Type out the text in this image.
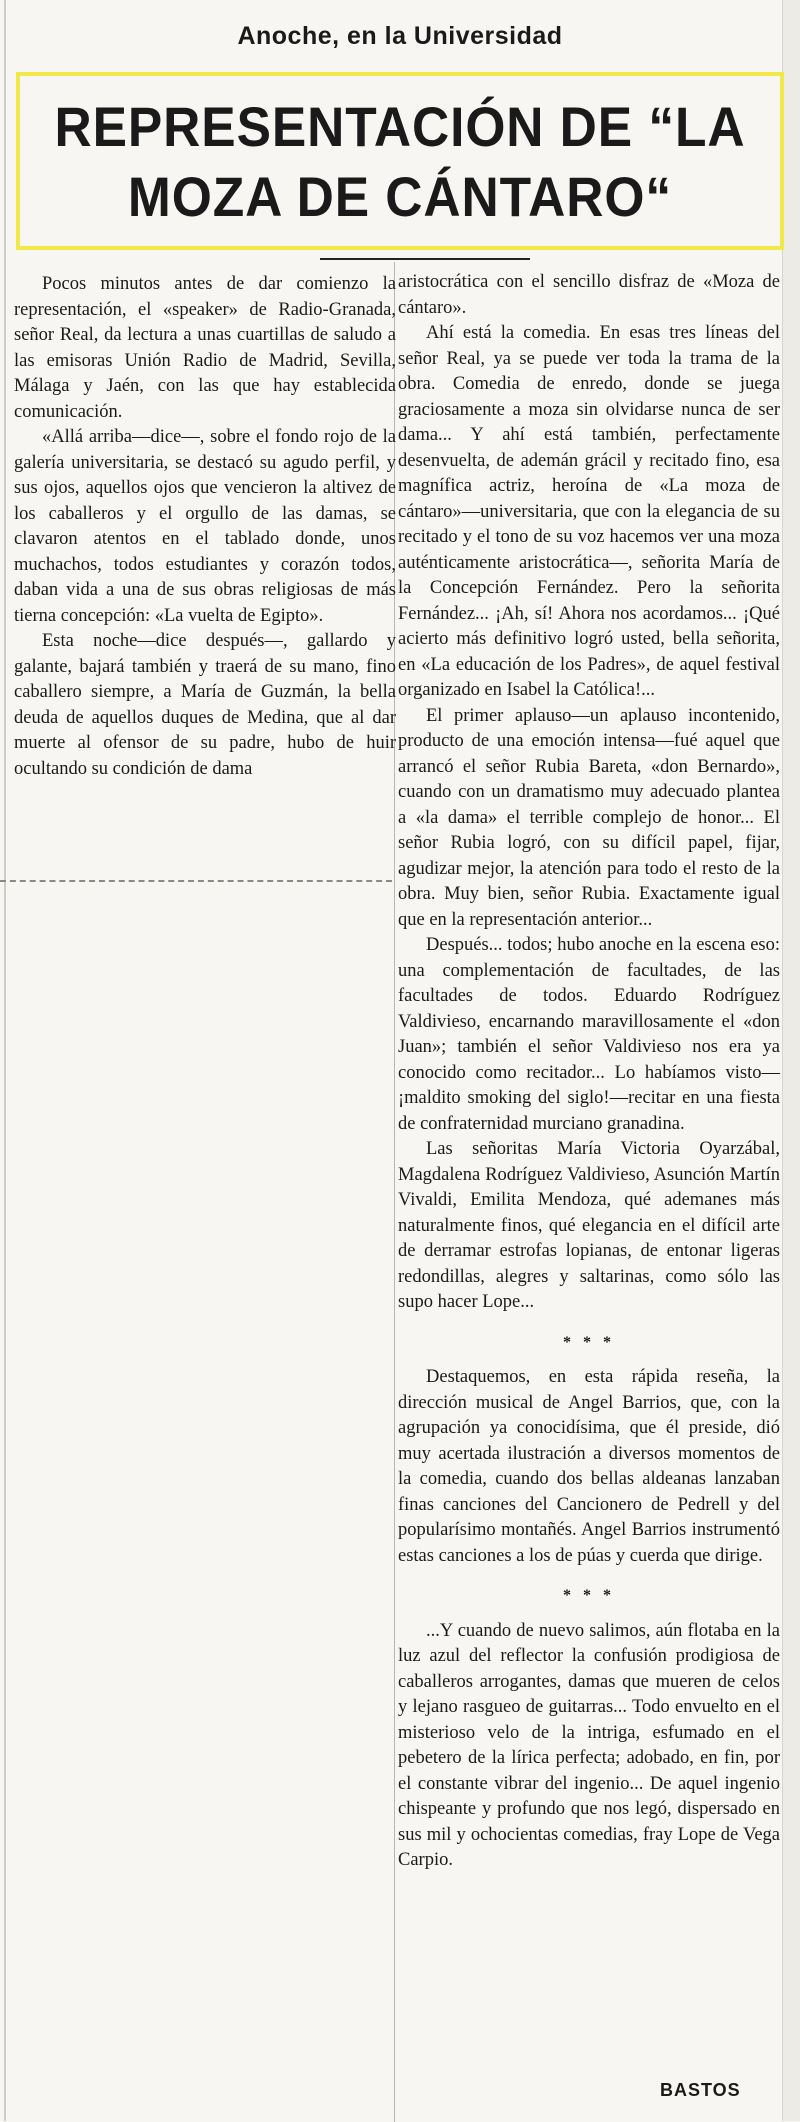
Anoche, en la Universidad
REPRESENTACIÓN DE “LA MOZA DE CÁNTARO“

Pocos minutos antes de dar comienzo la representación, el «speaker» de Radio-Granada, señor Real, da lectura a unas cuartillas de saludo a las emisoras Unión Radio de Madrid, Sevilla, Málaga y Jaén, con las que hay establecida comunicación.

«Allá arriba—dice—, sobre el fondo rojo de la galería universitaria, se destacó su agudo perfil, y sus ojos, aquellos ojos que vencieron la altivez de los caballeros y el orgullo de las damas, se clavaron atentos en el tablado donde, unos muchachos, todos estudiantes y corazón todos, daban vida a una de sus obras religiosas de más tierna concepción: «La vuelta de Egipto».

Esta noche—dice después—, gallardo y galante, bajará también y traerá de su mano, fino caballero siempre, a María de Guzmán, la bella deuda de aquellos duques de Medina, que al dar muerte al ofensor de su padre, hubo de huir ocultando su condición de dama

aristocrática con el sencillo disfraz de «Moza de cántaro».

Ahí está la comedia. En esas tres líneas del señor Real, ya se puede ver toda la trama de la obra. Comedia de enredo, donde se juega graciosamente a moza sin olvidarse nunca de ser dama... Y ahí está también, perfectamente desenvuelta, de ademán grácil y recitado fino, esa magnífica actriz, heroína de «La moza de cántaro»—universitaria, que con la elegancia de su recitado y el tono de su voz hacemos ver una moza auténticamente aristocrática—, señorita María de la Concepción Fernández. Pero la señorita Fernández... ¡Ah, sí! Ahora nos acordamos... ¡Qué acierto más definitivo logró usted, bella señorita, en «La educación de los Padres», de aquel festival organizado en Isabel la Católica!...

El primer aplauso—un aplauso incontenido, producto de una emoción intensa—fué aquel que arrancó el señor Rubia Bareta, «don Bernardo», cuando con un dramatismo muy adecuado plantea a «la dama» el terrible complejo de honor... El señor Rubia logró, con su difícil papel, fijar, agudizar mejor, la atención para todo el resto de la obra. Muy bien, señor Rubia. Exactamente igual que en la representación anterior...

Después... todos; hubo anoche en la escena eso: una complementación de facultades, de las facultades de todos. Eduardo Rodríguez Valdivieso, encarnando maravillosamente el «don Juan»; también el señor Valdivieso nos era ya conocido como recitador... Lo habíamos visto—¡maldito smoking del siglo!—recitar en una fiesta de confraternidad murciano granadina.

Las señoritas María Victoria Oyarzábal, Magdalena Rodríguez Valdivieso, Asunción Martín Vivaldi, Emilita Mendoza, qué ademanes más naturalmente finos, qué elegancia en el difícil arte de derramar estrofas lopianas, de entonar ligeras redondillas, alegres y saltarinas, como sólo las supo hacer Lope...

* * *

Destaquemos, en esta rápida reseña, la dirección musical de Angel Barrios, que, con la agrupación ya conocidísima, que él preside, dió muy acertada ilustración a diversos momentos de la comedia, cuando dos bellas aldeanas lanzaban finas canciones del Cancionero de Pedrell y del popularísimo montañés. Angel Barrios instrumentó estas canciones a los de púas y cuerda que dirige.

* * *

...Y cuando de nuevo salimos, aún flotaba en la luz azul del reflector la confusión prodigiosa de caballeros arrogantes, damas que mueren de celos y lejano rasgueo de guitarras... Todo envuelto en el misterioso velo de la intriga, esfumado en el pebetero de la lírica perfecta; adobado, en fin, por el constante vibrar del ingenio... De aquel ingenio chispeante y profundo que nos legó, dispersado en sus mil y ochocientas comedias, fray Lope de Vega Carpio.

BASTOS
